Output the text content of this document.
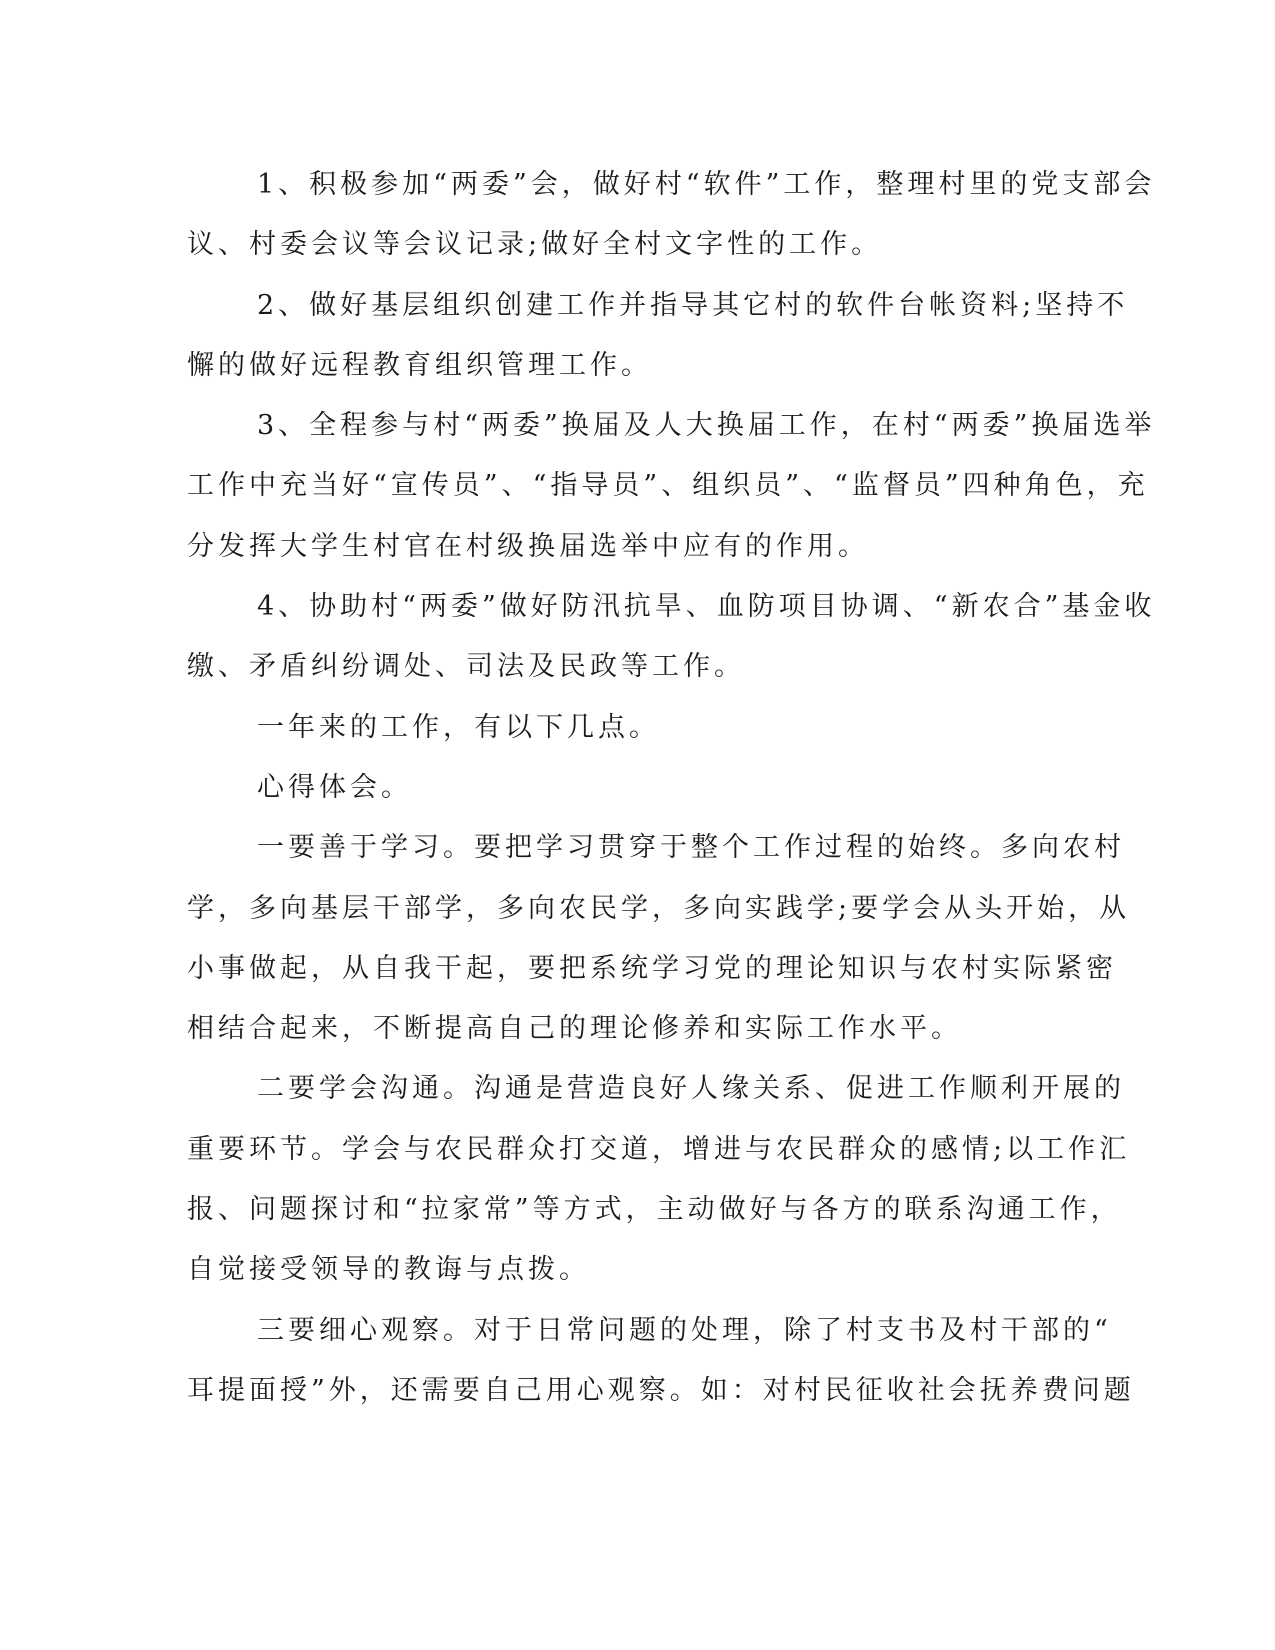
1、积极参加“两委”会，做好村“软件”工作，整理村里的党支部会
议、村委会议等会议记录;做好全村文字性的工作。
2、做好基层组织创建工作并指导其它村的软件台帐资料;坚持不
懈的做好远程教育组织管理工作。
3、全程参与村“两委”换届及人大换届工作，在村“两委”换届选举
工作中充当好“宣传员”、“指导员”、组织员”、“监督员”四种角色，充
分发挥大学生村官在村级换届选举中应有的作用。
4、协助村“两委”做好防汛抗旱、血防项目协调、“新农合”基金收
缴、矛盾纠纷调处、司法及民政等工作。
一年来的工作，有以下几点。
心得体会。
一要善于学习。要把学习贯穿于整个工作过程的始终。多向农村
学，多向基层干部学，多向农民学，多向实践学;要学会从头开始，从
小事做起，从自我干起，要把系统学习党的理论知识与农村实际紧密
相结合起来，不断提高自己的理论修养和实际工作水平。
二要学会沟通。沟通是营造良好人缘关系、促进工作顺利开展的
重要环节。学会与农民群众打交道，增进与农民群众的感情;以工作汇
报、问题探讨和“拉家常”等方式，主动做好与各方的联系沟通工作，
自觉接受领导的教诲与点拨。
三要细心观察。对于日常问题的处理，除了村支书及村干部的“
耳提面授”外，还需要自己用心观察。如：对村民征收社会抚养费问题
